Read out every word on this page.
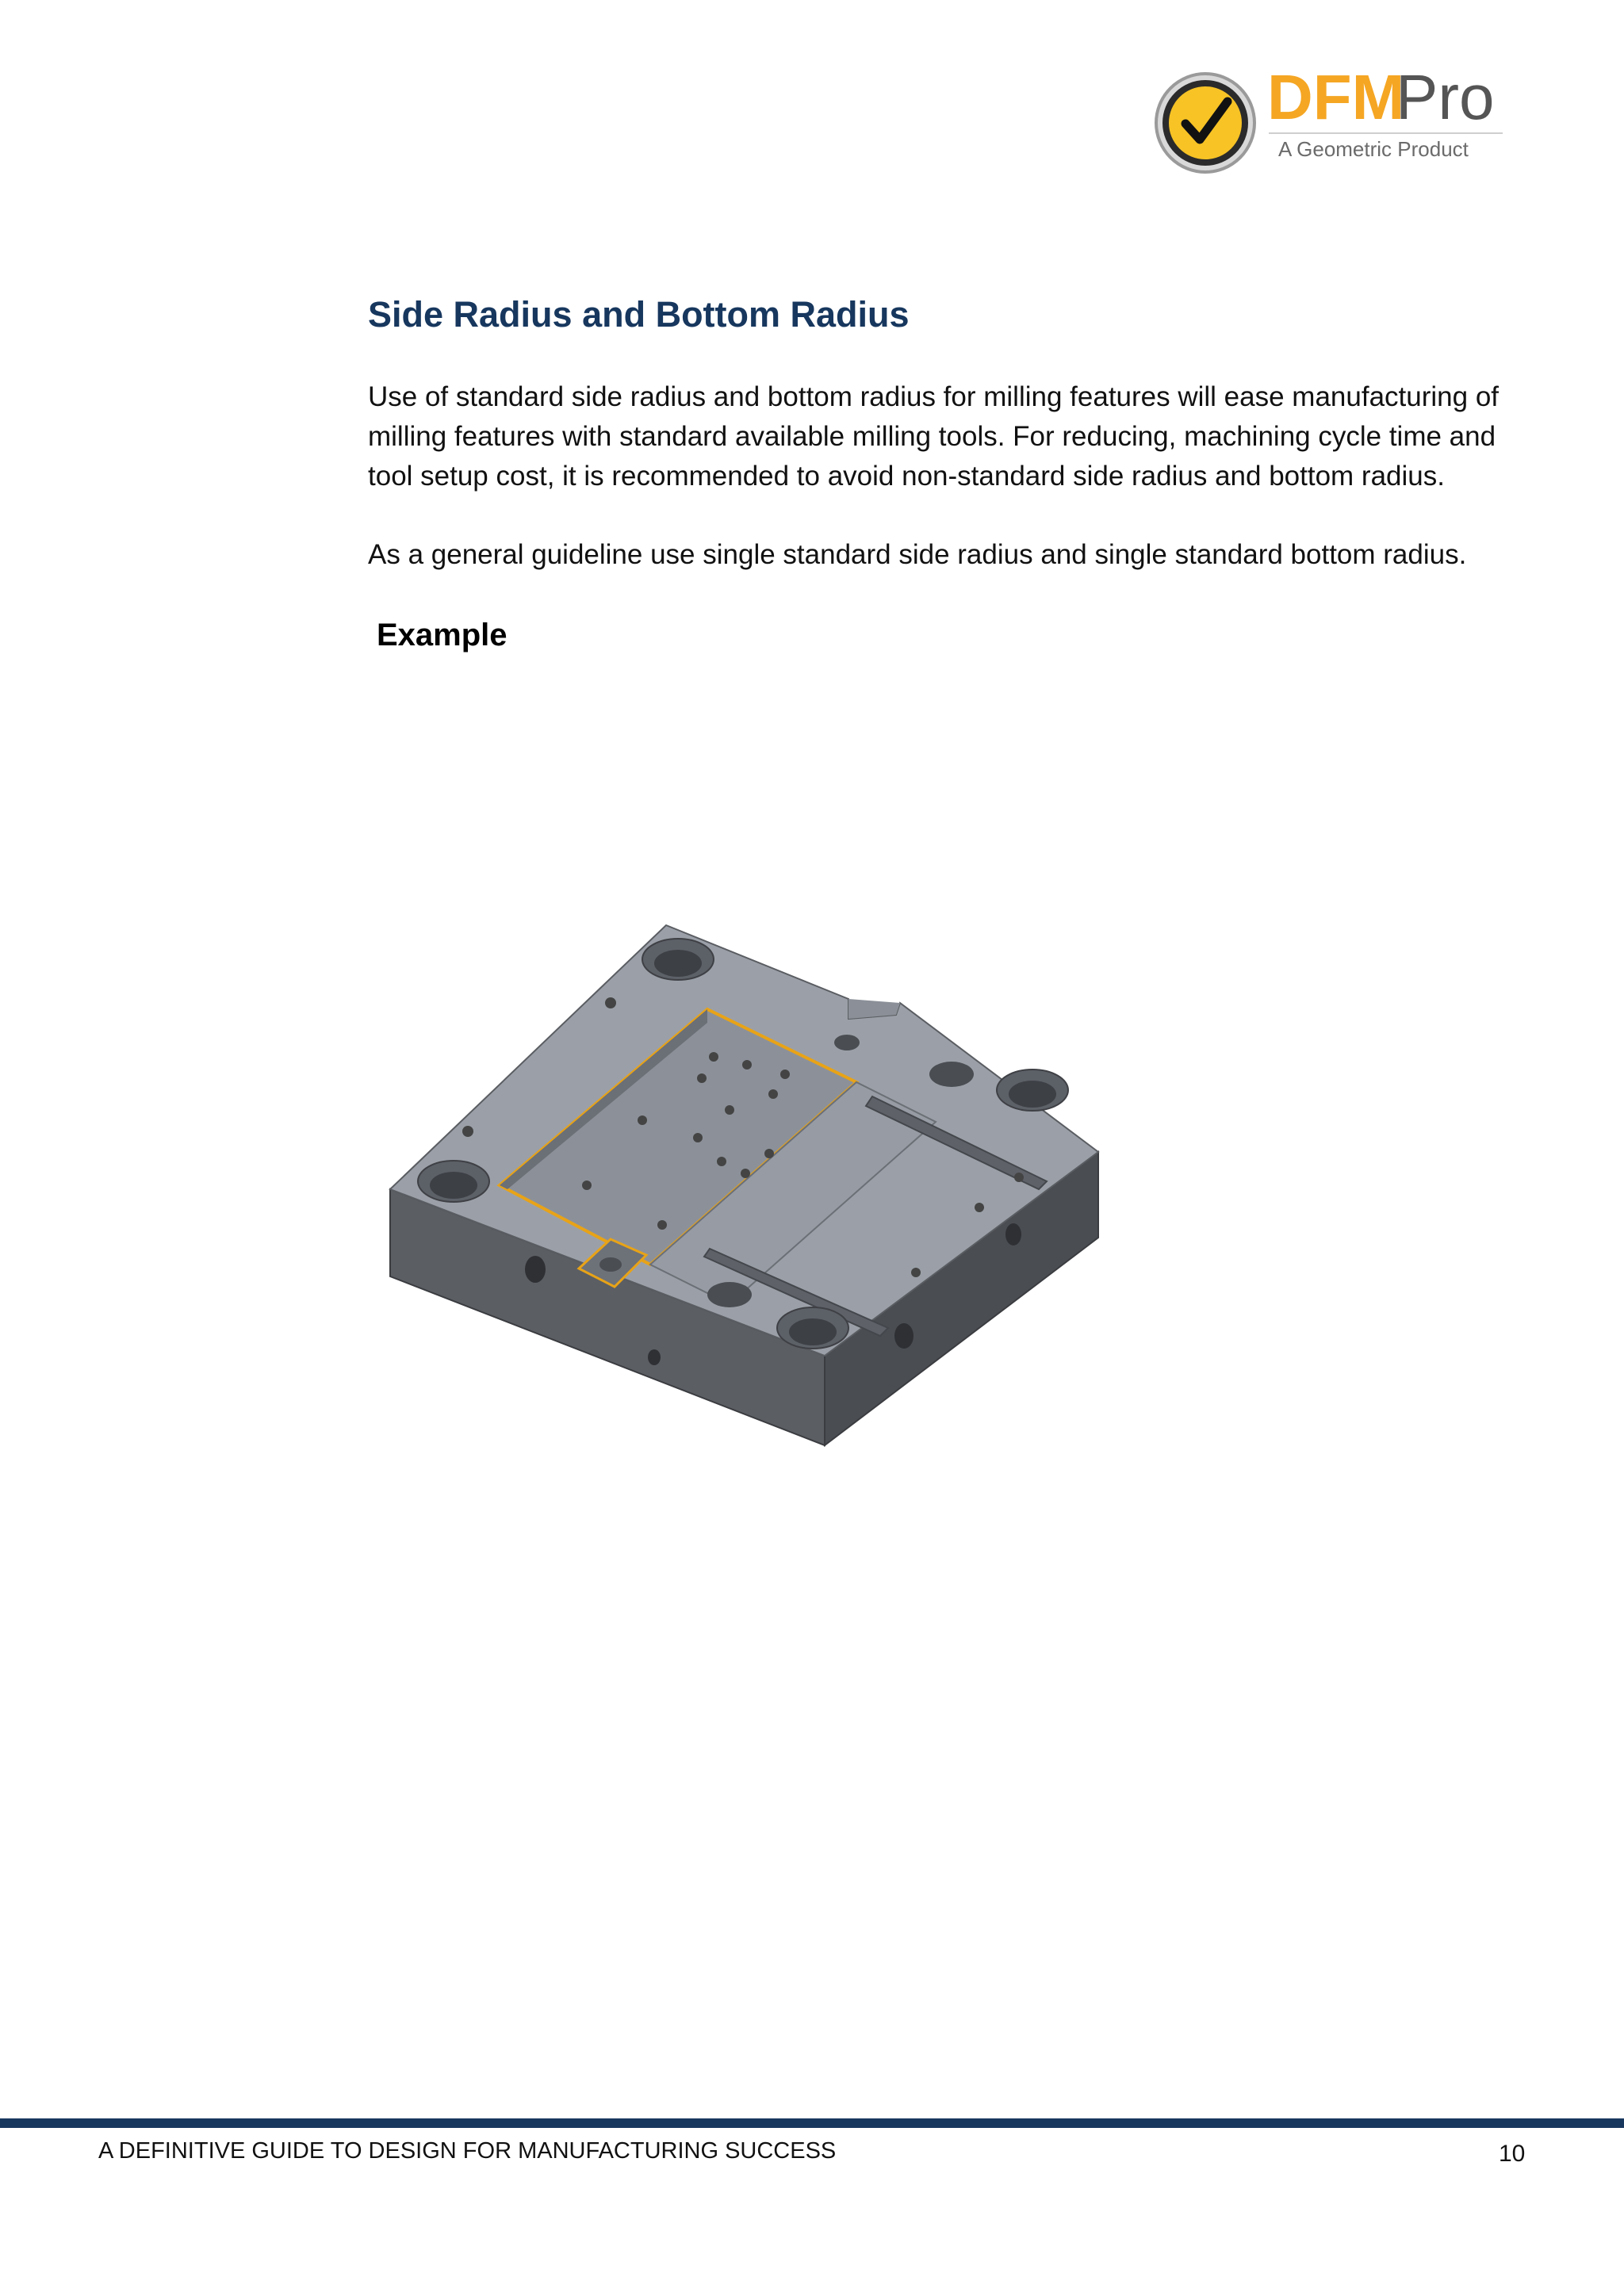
DFM
Pro
A Geometric Product
Side Radius and Bottom Radius

Use of standard side radius and bottom radius for milling features will ease manufacturing of milling features with standard available milling tools. For reducing, machining cycle time and tool setup cost, it is recommended to avoid non-standard side radius and bottom radius.

As a general guideline use single standard side radius and single standard bottom radius.

Example
A DEFINITIVE GUIDE TO DESIGN FOR MANUFACTURING SUCCESS	10
